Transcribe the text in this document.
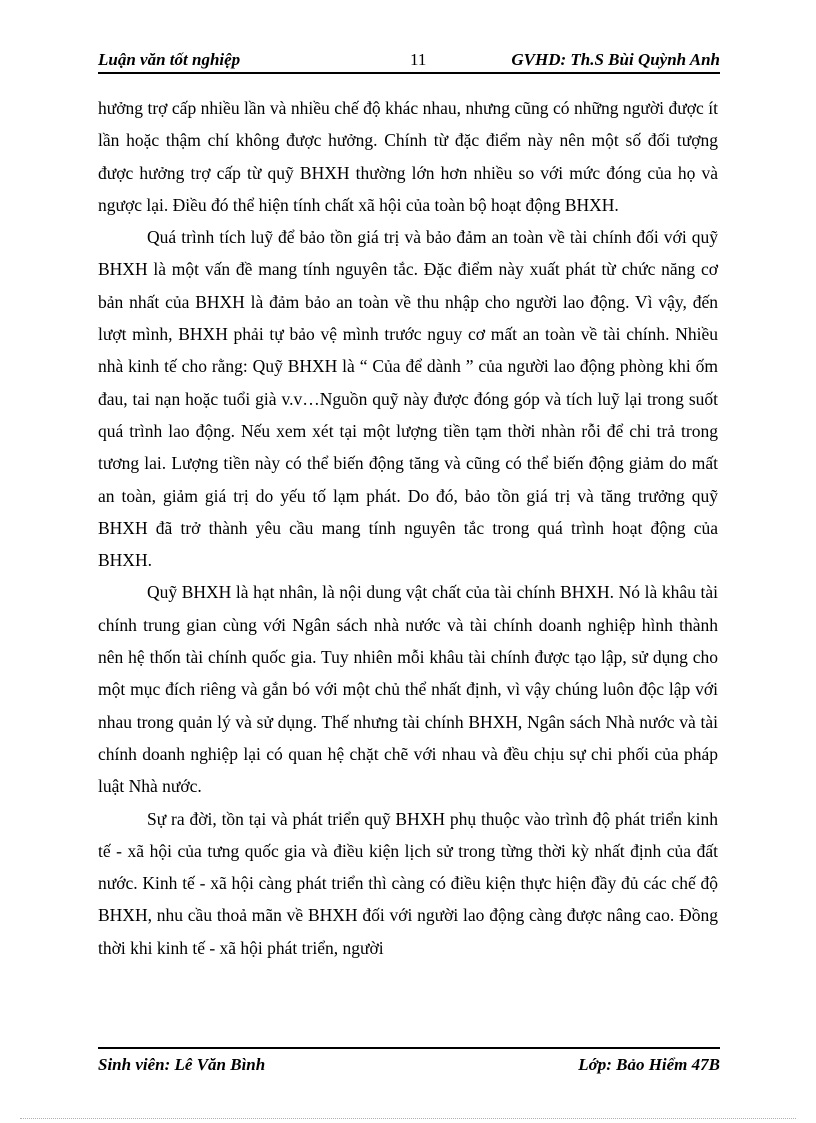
Luận văn tốt nghiệp	11	GVHD: Th.S Bùi Quỳnh Anh

hưởng trợ cấp nhiều lần và nhiều chế độ khác nhau, nhưng cũng có những người được ít lần hoặc thậm chí không được hưởng. Chính từ đặc điểm này nên một số đối tượng được hưởng trợ cấp từ quỹ BHXH thường lớn hơn nhiều so với mức đóng của họ và ngược lại. Điều đó thể hiện tính chất xã hội của toàn bộ hoạt động BHXH.

Quá trình tích luỹ để bảo tồn giá trị và bảo đảm an toàn về tài chính đối với quỹ BHXH là một vấn đề mang tính nguyên tắc. Đặc điểm này xuất phát từ chức năng cơ bản nhất của BHXH là đảm bảo an toàn về thu nhập cho người lao động. Vì vậy, đến lượt mình, BHXH phải tự bảo vệ mình trước nguy cơ mất an toàn về tài chính. Nhiều nhà kinh tế cho rằng: Quỹ BHXH là “ Của để dành ” của người lao động phòng khi ốm đau, tai nạn hoặc tuổi già v.v…Nguồn quỹ này được đóng góp và tích luỹ lại trong suốt quá trình lao động. Nếu xem xét tại một lượng tiền tạm thời nhàn rỗi để chi trả trong tương lai. Lượng tiền này có thể biến động tăng và cũng có thể biến động giảm do mất an toàn, giảm giá trị do yếu tố lạm phát. Do đó, bảo tồn giá trị và tăng trưởng quỹ BHXH đã trở thành yêu cầu mang tính nguyên tắc trong quá trình hoạt động của BHXH.

Quỹ BHXH là hạt nhân, là nội dung vật chất của tài chính BHXH. Nó là khâu tài chính trung gian cùng với Ngân sách nhà nước và tài chính doanh nghiệp hình thành nên hệ thốn tài chính quốc gia. Tuy nhiên mỗi khâu tài chính được tạo lập, sử dụng cho một mục đích riêng và gắn bó với một chủ thể nhất định, vì vậy chúng luôn độc lập với nhau trong quản lý và sử dụng. Thế nhưng tài chính BHXH, Ngân sách Nhà nước và tài chính doanh nghiệp lại có quan hệ chặt chẽ với nhau và đều chịu sự chi phối của pháp luật Nhà nước.

Sự ra đời, tồn tại và phát triển quỹ BHXH phụ thuộc vào trình độ phát triển kinh tế - xã hội của tưng quốc gia và điều kiện lịch sử trong từng thời kỳ nhất định của đất nước. Kinh tế - xã hội càng phát triển thì càng có điều kiện thực hiện đầy đủ các chế độ BHXH, nhu cầu thoả mãn về BHXH đối với người lao động càng được nâng cao. Đồng thời khi kinh tế - xã hội phát triển, người

Sinh viên: Lê Văn Bình	Lớp: Bảo Hiểm 47B
